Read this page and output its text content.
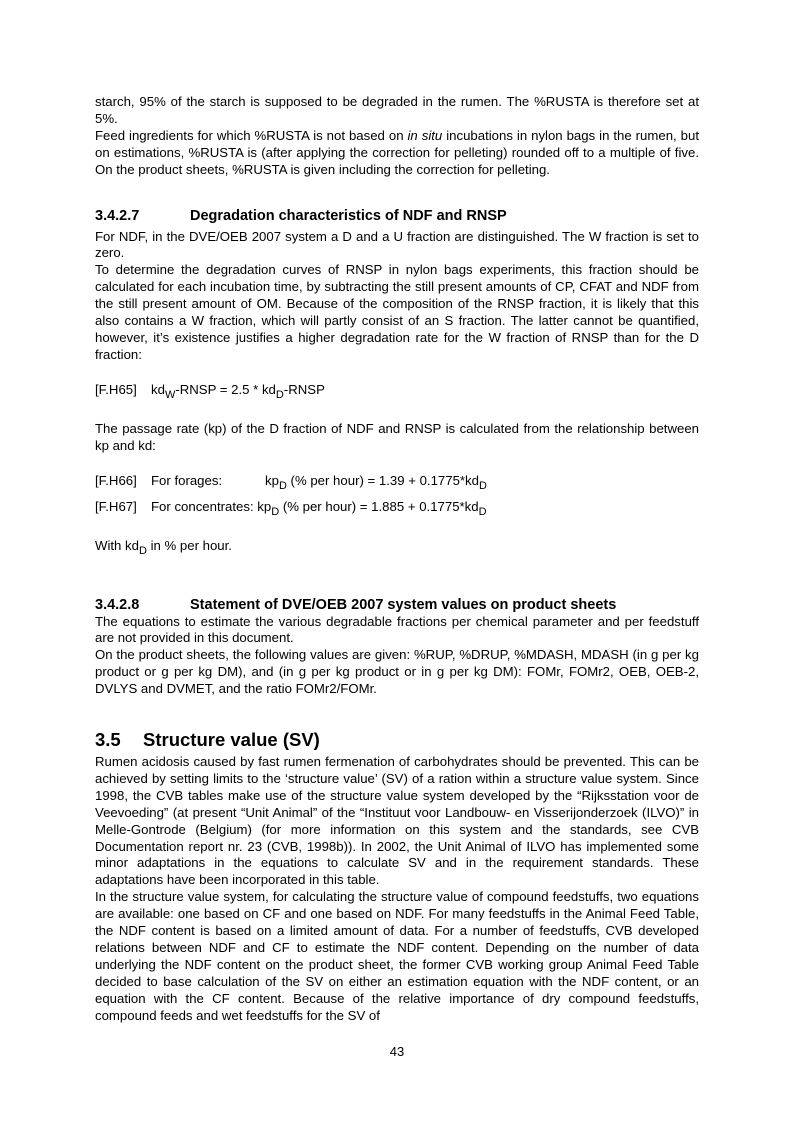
starch, 95% of the starch is supposed to be degraded in the rumen. The %RUSTA is therefore set at 5%.

Feed ingredients for which %RUSTA is not based on in situ incubations in nylon bags in the rumen, but on estimations, %RUSTA is (after applying the correction for pelleting) rounded off to a multiple of five. On the product sheets, %RUSTA is given including the correction for pelleting.

3.4.2.7	Degradation characteristics of NDF and RNSP

For NDF, in the DVE/OEB 2007 system a D and a U fraction are distinguished. The W fraction is set to zero.

To determine the degradation curves of RNSP in nylon bags experiments, this fraction should be calculated for each incubation time, by subtracting the still present amounts of CP, CFAT and NDF from the still present amount of OM. Because of the composition of the RNSP fraction, it is likely that this also contains a W fraction, which will partly consist of an S fraction. The latter cannot be quantified, however, it’s existence justifies a higher degradation rate for the W fraction of RNSP than for the D fraction:

[F.H65] $kd_W$-RNSP = $2.5 * kd_D$-RNSP

The passage rate (kp) of the D fraction of NDF and RNSP is calculated from the relationship between kp and kd:

[F.H66] For forages:	$kp_D$ (% per hour) = $1.39 + 0.1775*kd_D$
[F.H67] For concentrates: $kp_D$ (% per hour) = $1.885 + 0.1775*kd_D$

With $kd_D$ in % per hour.

3.4.2.8	Statement of DVE/OEB 2007 system values on product sheets

The equations to estimate the various degradable fractions per chemical parameter and per feedstuff are not provided in this document.

On the product sheets, the following values are given: %RUP, %DRUP, %MDASH, MDASH (in g per kg product or g per kg DM), and (in g per kg product or in g per kg DM): FOMr, FOMr2, OEB, OEB-2, DVLYS and DVMET, and the ratio FOMr2/FOMr.

3.5 Structure value (SV)

Rumen acidosis caused by fast rumen fermenation of carbohydrates should be prevented. This can be achieved by setting limits to the ‘structure value’ (SV) of a ration within a structure value system. Since 1998, the CVB tables make use of the structure value system developed by the “Rijksstation voor de Veevoeding” (at present “Unit Animal” of the “Instituut voor Landbouw- en Visserijonderzoek (ILVO)” in Melle-Gontrode (Belgium) (for more information on this system and the standards, see CVB Documentation report nr. 23 (CVB, 1998b)). In 2002, the Unit Animal of ILVO has implemented some minor adaptations in the equations to calculate SV and in the requirement standards. These adaptations have been incorporated in this table.

In the structure value system, for calculating the structure value of compound feedstuffs, two equations are available: one based on CF and one based on NDF. For many feedstuffs in the Animal Feed Table, the NDF content is based on a limited amount of data. For a number of feedstuffs, CVB developed relations between NDF and CF to estimate the NDF content. Depending on the number of data underlying the NDF content on the product sheet, the former CVB working group Animal Feed Table decided to base calculation of the SV on either an estimation equation with the NDF content, or an equation with the CF content. Because of the relative importance of dry compound feedstuffs, compound feeds and wet feedstuffs for the SV of

43
